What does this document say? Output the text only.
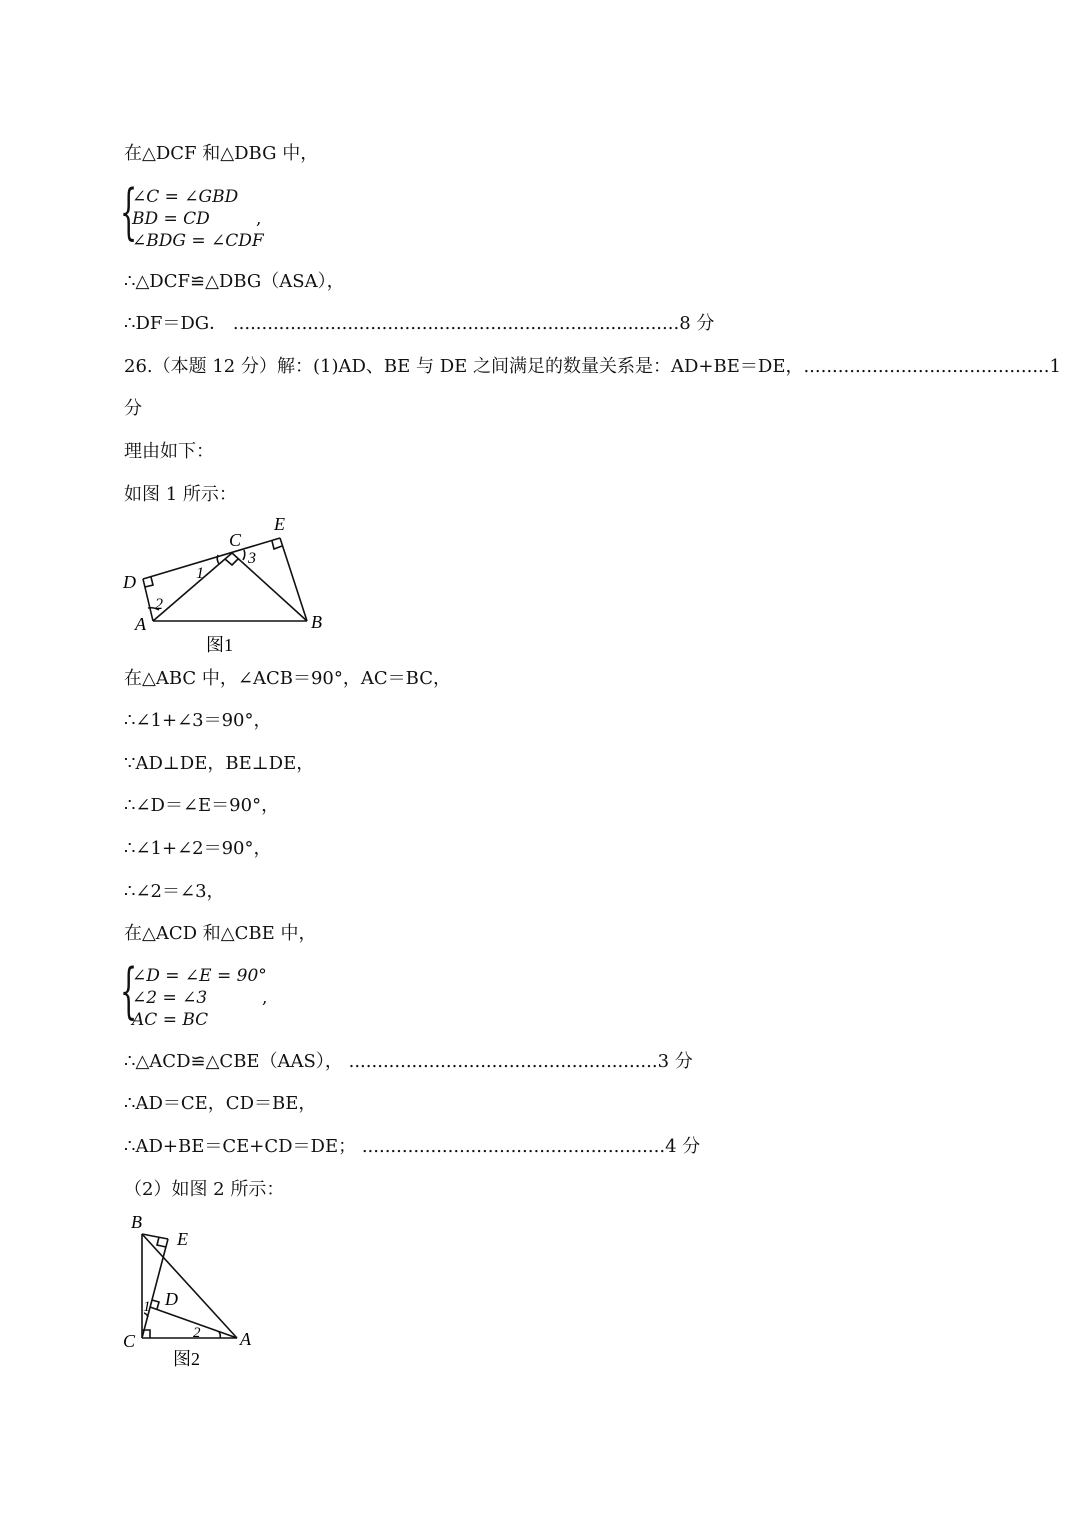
在△DCF 和△DBG 中，
{
∠C = ∠GBD
BD = CD
∠BDG = ∠CDF
,
∴△DCF≌△DBG（ASA），
∴DF＝DG． ..............................................................................8 分
26.（本题 12 分）解：(1)AD、BE 与 DE 之间满足的数量关系是：AD+BE＝DE，...........................................1
分
理由如下：
如图 1 所示：
C
E
D
A	B
1
2
3
图1
在△ABC 中，∠ACB＝90°，AC＝BC，
∴∠1+∠3＝90°，
∵AD⊥DE，BE⊥DE，
∴∠D＝∠E＝90°，
∴∠1+∠2＝90°，
∴∠2＝∠3，
在△ACD 和△CBE 中，
{
∠D = ∠E = 90°
∠2 = ∠3
AC = BC
,
∴△ACD≌△CBE（AAS）， ......................................................3 分
∴AD＝CE，CD＝BE，
∴AD+BE＝CE+CD＝DE； .....................................................4 分
（2）如图 2 所示：
B
E
D
C	A
1
2
图2
